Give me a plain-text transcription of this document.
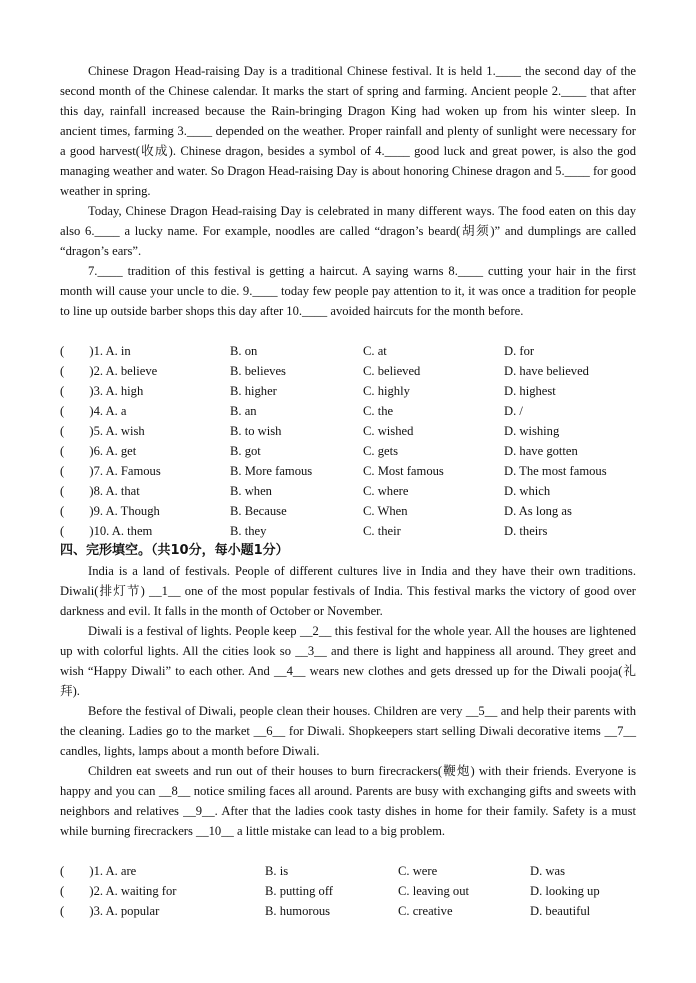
Chinese Dragon Head-raising Day is a traditional Chinese festival. It is held 1.____ the second day of the second month of the Chinese calendar. It marks the start of spring and farming. Ancient people 2.____ that after this day, rainfall increased because the Rain-bringing Dragon King had woken up from his winter sleep. In ancient times, farming 3.____ depended on the weather. Proper rainfall and plenty of sunlight were necessary for a good harvest(收成). Chinese dragon, besides a symbol of 4.____ good luck and great power, is also the god managing weather and water. So Dragon Head-raising Day is about honoring Chinese dragon and 5.____ for good weather in spring.

Today, Chinese Dragon Head-raising Day is celebrated in many different ways. The food eaten on this day also 6.____ a lucky name. For example, noodles are called “dragon’s beard(胡须)” and dumplings are called “dragon’s ears”.

7.____ tradition of this festival is getting a haircut. A saying warns 8.____ cutting your hair in the first month will cause your uncle to die. 9.____ today few people pay attention to it, it was once a tradition for people to line up outside barber shops this day after 10.____ avoided haircuts for the month before.

(　　)1. A. in	B. on	C. at	D. for
(　　)2. A. believe	B. believes	C. believed	D. have believed
(　　)3. A. high	B. higher	C. highly	D. highest
(　　)4. A. a	B. an	C. the	D. /
(　　)5. A. wish	B. to wish	C. wished	D. wishing
(　　)6. A. get	B. got	C. gets	D. have gotten
(　　)7. A. Famous	B. More famous	C. Most famous	D. The most famous
(　　)8. A. that	B. when	C. where	D. which
(　　)9. A. Though	B. Because	C. When	D. As long as
(　　)10. A. them	B. they	C. their	D. theirs
四、完形填空。（共10分，每小题1分）

India is a land of festivals. People of different cultures live in India and they have their own traditions. Diwali(排灯节) __1__ one of the most popular festivals of India. This festival marks the victory of good over darkness and evil. It falls in the month of October or November.

Diwali is a festival of lights. People keep __2__ this festival for the whole year. All the houses are lightened up with colorful lights. All the cities look so __3__ and there is light and happiness all around. They greet and wish “Happy Diwali” to each other. And __4__ wears new clothes and gets dressed up for the Diwali pooja(礼拜).

Before the festival of Diwali, people clean their houses. Children are very __5__ and help their parents with the cleaning. Ladies go to the market __6__ for Diwali. Shopkeepers start selling Diwali decorative items __7__ candles, lights, lamps about a month before Diwali.

Children eat sweets and run out of their houses to burn firecrackers(鞭炮) with their friends. Everyone is happy and you can __8__ notice smiling faces all around. Parents are busy with exchanging gifts and sweets with neighbors and relatives __9__. After that the ladies cook tasty dishes in home for their family. Safety is a must while burning firecrackers __10__ a little mistake can lead to a big problem.

(　　)1. A. are	B. is	C. were	D. was
(　　)2. A. waiting for	B. putting off	C. leaving out	D. looking up
(　　)3. A. popular	B. humorous	C. creative	D. beautiful
